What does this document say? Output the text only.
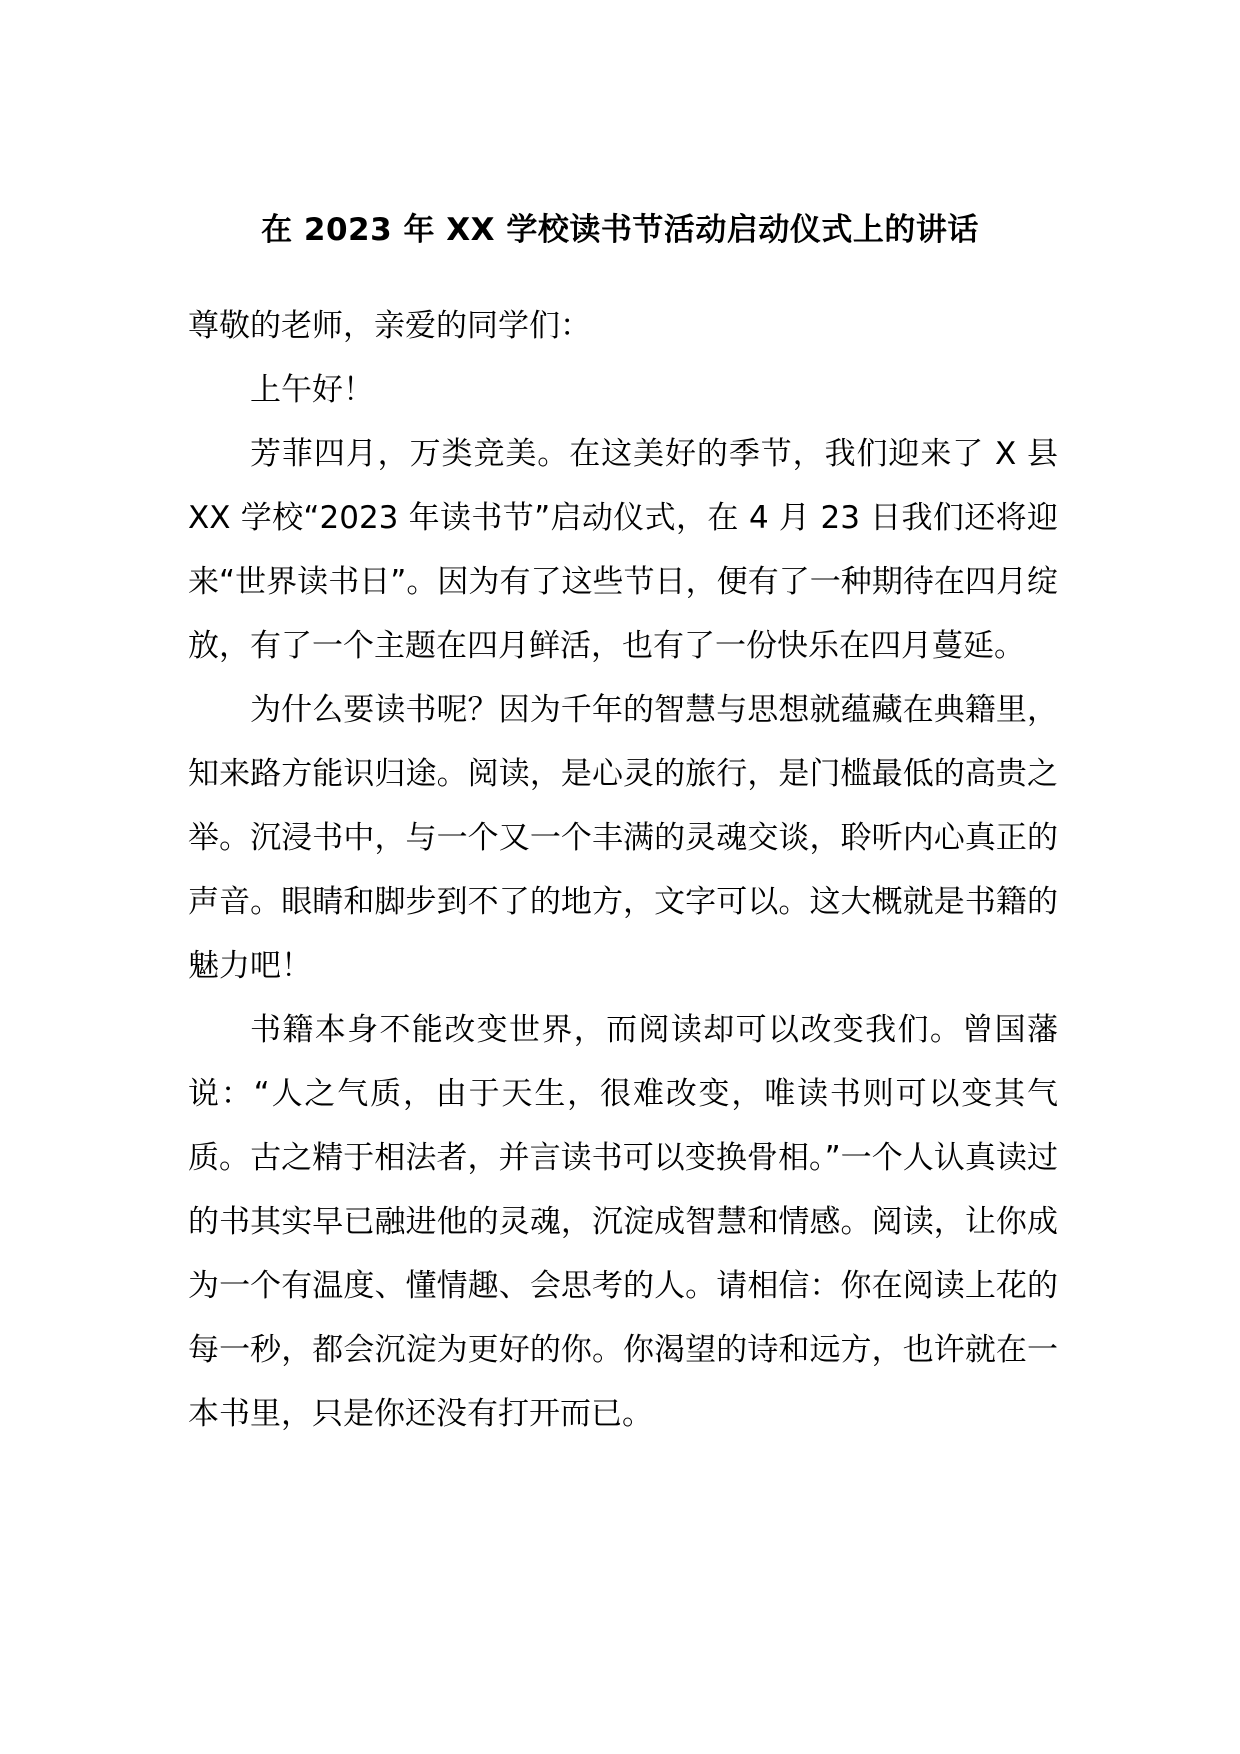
在 2023 年 XX 学校读书节活动启动仪式上的讲话

尊敬的老师，亲爱的同学们：

上午好！

芳菲四月，万类竞美。在这美好的季节，我们迎来了 X 县 XX 学校“2023 年读书节”启动仪式，在 4 月 23 日我们还将迎来“世界读书日”。因为有了这些节日，便有了一种期待在四月绽放，有了一个主题在四月鲜活，也有了一份快乐在四月蔓延。

为什么要读书呢？因为千年的智慧与思想就蕴藏在典籍里，知来路方能识归途。阅读，是心灵的旅行，是门槛最低的高贵之举。沉浸书中，与一个又一个丰满的灵魂交谈，聆听内心真正的声音。眼睛和脚步到不了的地方，文字可以。这大概就是书籍的魅力吧！

书籍本身不能改变世界，而阅读却可以改变我们。曾国藩说：“人之气质，由于天生，很难改变，唯读书则可以变其气质。古之精于相法者，并言读书可以变换骨相。”一个人认真读过的书其实早已融进他的灵魂，沉淀成智慧和情感。阅读，让你成为一个有温度、懂情趣、会思考的人。请相信：你在阅读上花的每一秒，都会沉淀为更好的你。你渴望的诗和远方，也许就在一本书里，只是你还没有打开而已。
